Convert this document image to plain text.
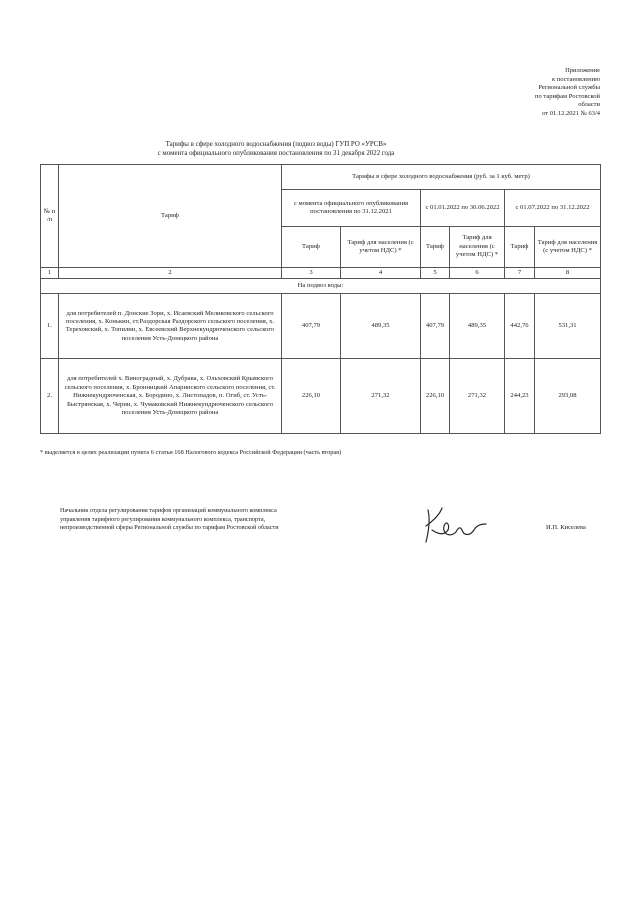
Приложение
к постановлению
Региональной службы
по тарифам Ростовской
области
от 01.12.2021 № 63/4
Тарифы в сфере холодного водоснабжения (подвоз воды) ГУП РО «УРСВ»
с момента официального опубликования постановления по 31 декабря 2022 года
№ п /п	Тариф	Тарифы в сфере холодного водоснабжения (руб. за 1 куб. метр)					
		с момента официального опубликования постановления по 31.12.2021		с 01.01.2022 по 30.06.2022		с 01.07.2022 по 31.12.2022	
		Тариф	Тариф для населения (с учетом НДС) *	Тариф	Тариф для населения (с учетом НДС) *	Тариф	Тариф для населения (с учетом НДС) *
1	2	3	4	5	6	7	8
На подвоз воды:							
1.	для потребителей п. Донские Зори, х. Исаевский Меликовского сельского поселения, х. Конькин, ст.Раздорская Раздорского сельского поселения, х. Тереховский, х. Топилин, х. Евсеевский Верхнекундрюченского сельского поселения Усть-Донецкого района	407,79	489,35	407,79	489,35	442,76	531,31
2.	для потребителей х. Виноградный, х. Дубрава, х. Ольховский Крымского сельского поселения, х. Бронницкий Апаринского сельского поселения, ст. Нижнекундрюченская, х. Бородино, х. Листопадов, п. Огиб, ст. Усть-Быстрянская, х. Черни, х. Чумаковский Нижнекундрюченского сельского поселения Усть-Донецкого района	226,10	271,32	226,10	271,32	244,23	293,08
* выделяется в целях реализации пункта 6 статьи 168 Налогового кодекса Российской Федерации (часть вторая)
Начальник отдела регулирования тарифов организаций коммунального комплекса
управления тарифного регулирования коммунального комплекса, транспорта,
непроизводственной сферы Региональной службы по тарифам Ростовской области	И.П. Киселева
